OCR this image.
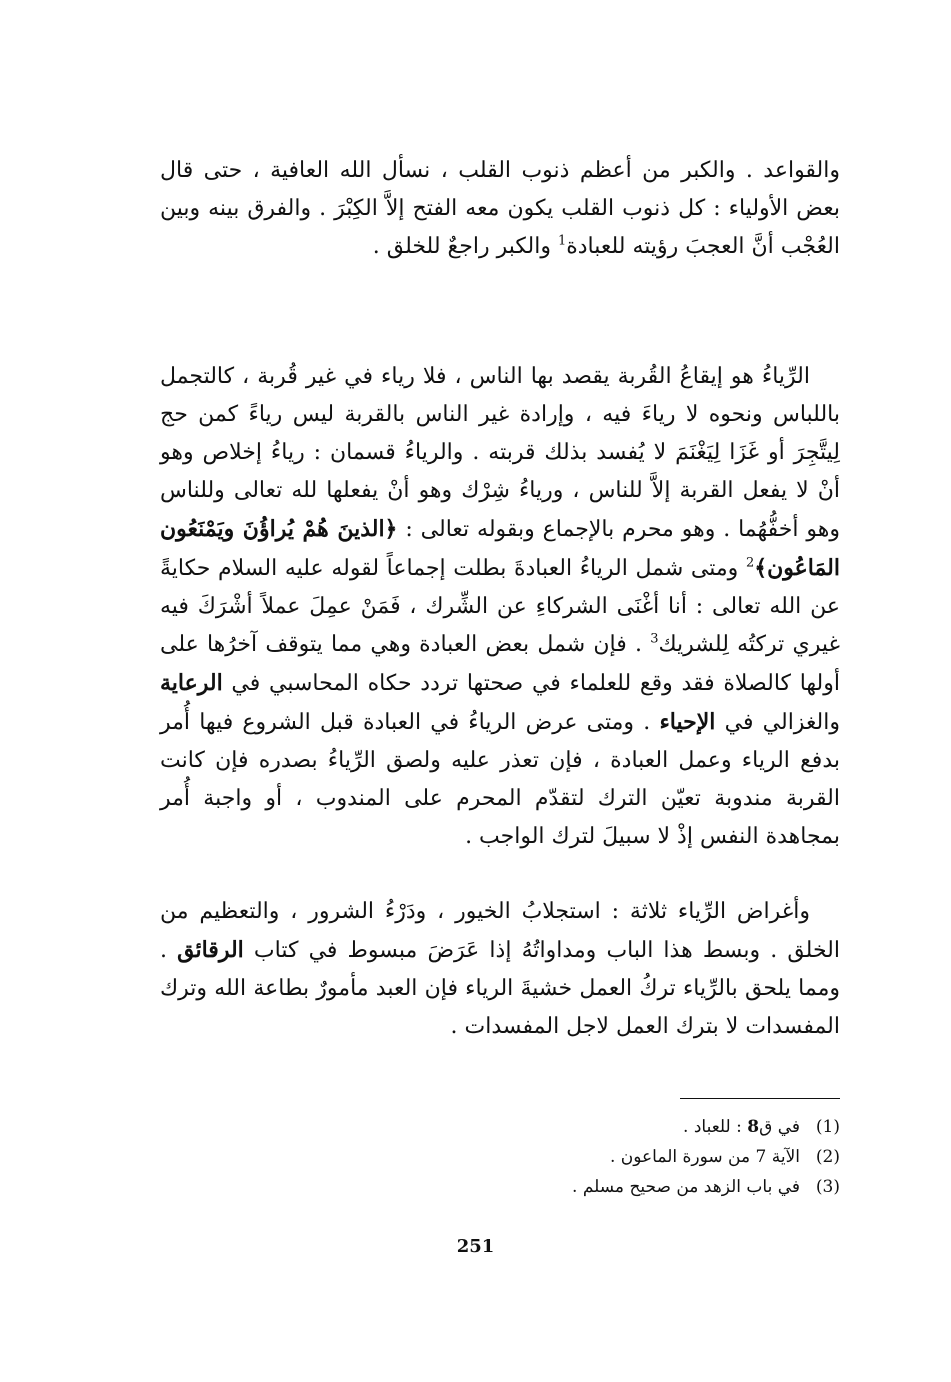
والقواعد . والكبر من أعظم ذنوب القلب ، نسأل الله العافية ، حتى قال بعض الأولياء : كل ذنوب القلب يكون معه الفتح إلاَّ الكِبْرَ . والفرق بينه وبين العُجْب أنَّ العجبَ رؤيته للعبادة$^1$ والكبر راجعٌ للخلق .

الرِّياءُ هو إيقاعُ القُربة يقصد بها الناس ، فلا رياء في غير قُربة ، كالتجمل باللباس ونحوه لا رياءَ فيه ، وإرادة غير الناس بالقربة ليس رياءً كمن حج لِيتَّجِرَ أو غَزَا لِيَغْنَمَ لا يُفسد بذلك قربته . والرياءُ قسمان : رياءُ إخلاص وهو أنْ لا يفعل القربة إلاَّ للناس ، ورياءُ شِرْك وهو أنْ يفعلها لله تعالى وللناس وهو أخفُّهُما . وهو محرم بالإجماع وبقوله تعالى : ﴿الذينَ هُمْ يُراؤُنَ ويَمْنَعُون المَاعُون﴾$^2$ ومتى شمل الرياءُ العبادةَ بطلت إجماعاً لقوله عليه السلام حكايةً عن الله تعالى : أنا أغْنَى الشركاءِ عن الشِّرك ، فَمَنْ عمِلَ عملاً أشْرَكَ فيه غيري تركتُه لِلشريك$^3$ . فإن شمل بعض العبادة وهي مما يتوقف آخرُها على أولها كالصلاة فقد وقع للعلماء في صحتها تردد حكاه المحاسبي في الرعاية والغزالي في الإحياء . ومتى عرض الرياءُ في العبادة قبل الشروع فيها أُمر بدفع الرياء وعمل العبادة ، فإن تعذر عليه ولصق الرِّياءُ بصدره فإن كانت القربة مندوبة تعيّن الترك لتقدّم المحرم على المندوب ، أو واجبة أُمر بمجاهدة النفس إذْ لا سبيلَ لترك الواجب .

وأغراض الرِّياء ثلاثة : استجلابُ الخيور ، ودَرْءُ الشرور ، والتعظيم من الخلق . وبسط هذا الباب ومداواتُهُ إذا عَرَضَ مبسوط في كتاب الرقائق . ومما يلحق بالرِّياء تركُ العمل خشيةَ الرياء فإن العبد مأمورٌ بطاعة الله وترك المفسدات لا بترك العمل لاجل المفسدات .

(1)
في ق8 : للعباد .
(2)
الآية 7 من سورة الماعون .
(3)
في باب الزهد من صحيح مسلم .
251
